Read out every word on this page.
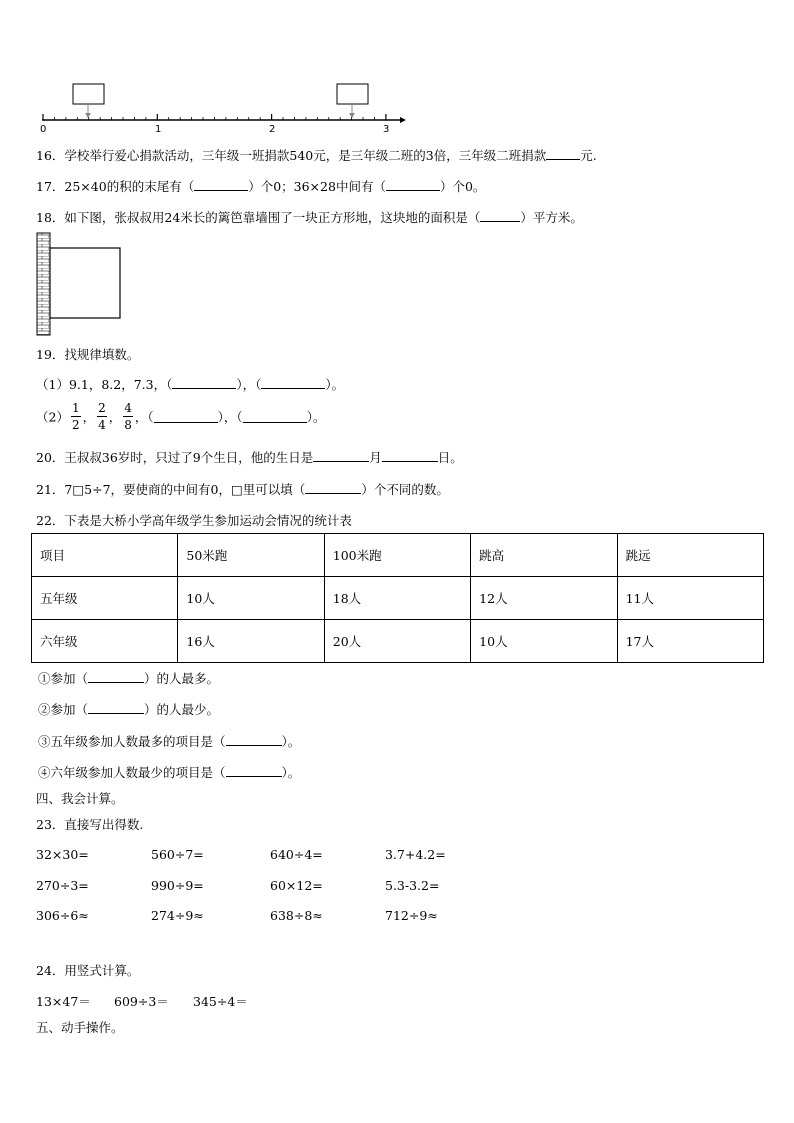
0	1	2	3
16．学校举行爱心捐款活动，三年级一班捐款540元，是三年级二班的3倍，三年级二班捐款	元.
17．25×40的积的末尾有（	）个0；36×28中间有（	）个0。
18．如下图，张叔叔用24米长的篱笆靠墙围了一块正方形地，这块地的面积是（	）平方米。
19．找规律填数。
（1）9.1，8.2，7.3，（	），（	）。
$(2) \frac{1}{2}$ ， $\frac{2}{4}$ ， $\frac{4}{8}$ ，（	），（	）。
20．王叔叔36岁时，只过了9个生日，他的生日是	月	日。
21．7□5÷7，要使商的中间有0，□里可以填（	）个不同的数。
22．下表是大桥小学高年级学生参加运动会情况的统计表
项目	50米跑	100米跑	跳高	跳远
五年级	10人	18人	12人	11人
六年级	16人	20人	10人	17人
①参加（	）的人最多。
②参加（	）的人最少。
③五年级参加人数最多的项目是（	）。
④六年级参加人数最少的项目是（	）。
四、我会计算。
23．直接写出得数.
32×30=	560÷7=	640÷4=	3.7+4.2=
270÷3=	990÷9=	60×12=	5.3-3.2=
306÷6≈	274÷9≈	638÷8≈	712÷9≈
24．用竖式计算。
13×47＝ 609÷3＝ 345÷4＝
五、动手操作。
